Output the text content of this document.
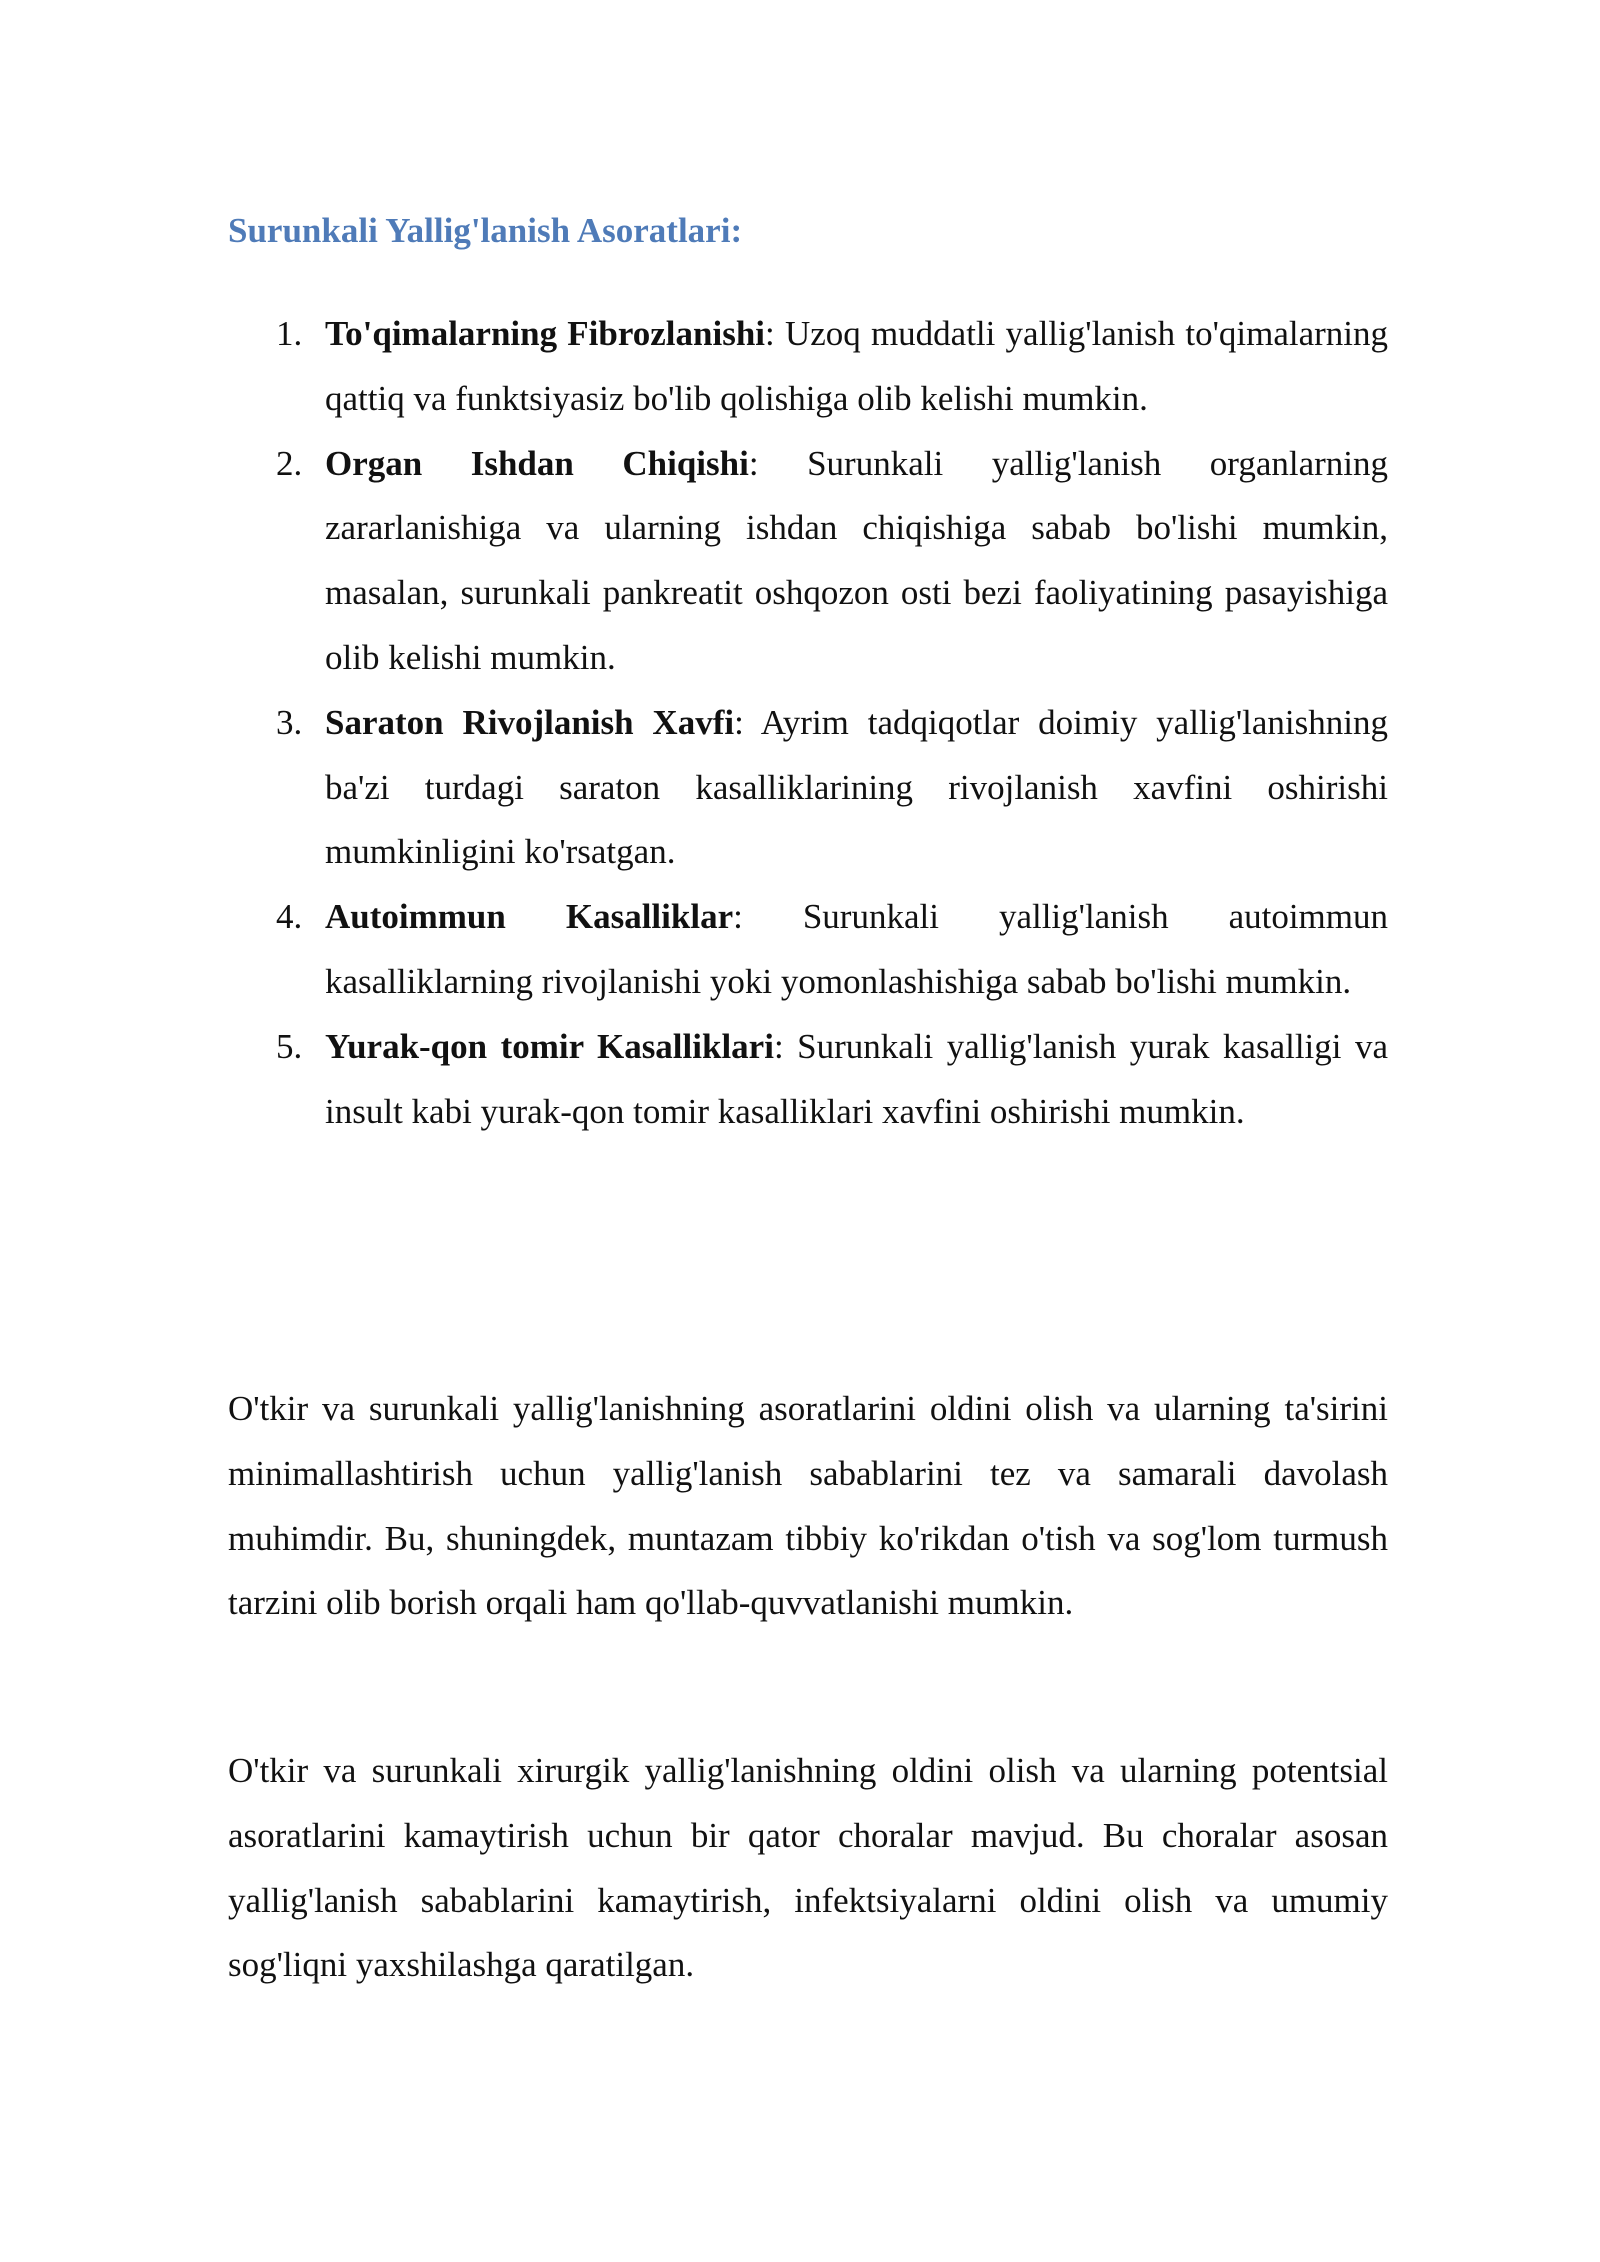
Surunkali Yallig'lanish Asoratlari:
1. To'qimalarning Fibrozlanishi: Uzoq muddatli yallig'lanish to'qimalarning qattiq va funktsiyasiz bo'lib qolishiga olib kelishi mumkin.
2. Organ Ishdan Chiqishi: Surunkali yallig'lanish organlarning zararlanishiga va ularning ishdan chiqishiga sabab bo'lishi mumkin, masalan, surunkali pankreatit oshqozon osti bezi faoliyatining pasayishiga olib kelishi mumkin.
3. Saraton Rivojlanish Xavfi: Ayrim tadqiqotlar doimiy yallig'lanishning ba'zi turdagi saraton kasalliklarining rivojlanish xavfini oshirishi mumkinligini ko'rsatgan.
4. Autoimmun Kasalliklar: Surunkali yallig'lanish autoimmun kasalliklarning rivojlanishi yoki yomonlashishiga sabab bo'lishi mumkin.
5. Yurak-qon tomir Kasalliklari: Surunkali yallig'lanish yurak kasalligi va insult kabi yurak-qon tomir kasalliklari xavfini oshirishi mumkin.

O'tkir va surunkali yallig'lanishning asoratlarini oldini olish va ularning ta'sirini minimallashtirish uchun yallig'lanish sabablarini tez va samarali davolash muhimdir. Bu, shuningdek, muntazam tibbiy ko'rikdan o'tish va sog'lom turmush tarzini olib borish orqali ham qo'llab-quvvatlanishi mumkin.

O'tkir va surunkali xirurgik yallig'lanishning oldini olish va ularning potentsial asoratlarini kamaytirish uchun bir qator choralar mavjud. Bu choralar asosan yallig'lanish sabablarini kamaytirish, infektsiyalarni oldini olish va umumiy sog'liqni yaxshilashga qaratilgan.
